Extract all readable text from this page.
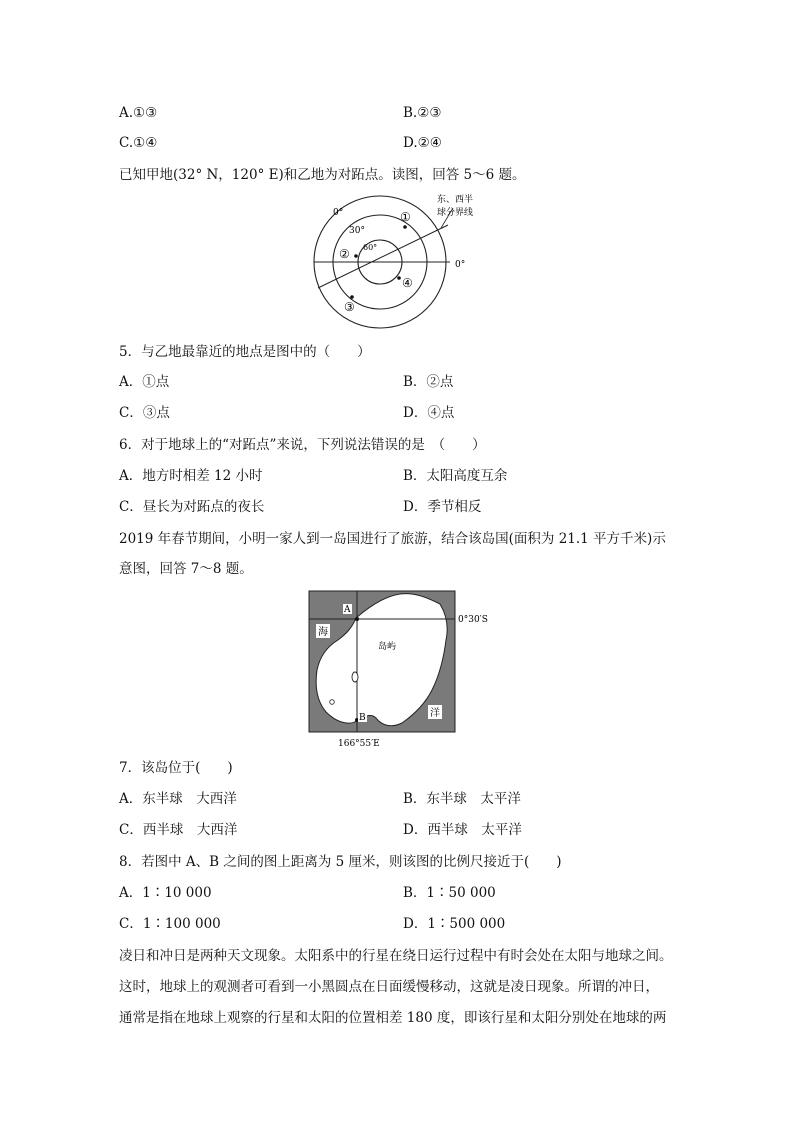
A.①③	B.②③
C.①④	D.②④
已知甲地(32° N，120° E)和乙地为对跖点。读图，回答 5～6 题。
0°
30°
60°
0°
东、西半
球分界线
①
②
③
④
5．与乙地最靠近的地点是图中的（　　）
A．①点	B．②点
C．③点	D．④点
6．对于地球上的“对跖点”来说，下列说法错误的是　（　　）
A．地方时相差 12 小时	B．太阳高度互余
C．昼长为对跖点的夜长	D．季节相反
2019 年春节期间，小明一家人到一岛国进行了旅游，结合该岛国(面积为 21.1 平方千米)示
意图，回答 7～8 题。
A
B
海
岛屿
洋
0°30′S
166°55′E
7．该岛位于(　　)
A．东半球　大西洋	B．东半球　太平洋
C．西半球　大西洋	D．西半球　太平洋
8．若图中 A、B 之间的图上距离为 5 厘米，则该图的比例尺接近于(　　)
A．1∶10 000	B．1∶50 000
C．1∶100 000	D．1∶500 000
凌日和冲日是两种天文现象。太阳系中的行星在绕日运行过程中有时会处在太阳与地球之间。
这时，地球上的观测者可看到一小黑圆点在日面缓慢移动，这就是凌日现象。所谓的冲日，
通常是指在地球上观察的行星和太阳的位置相差 180 度，即该行星和太阳分别处在地球的两
